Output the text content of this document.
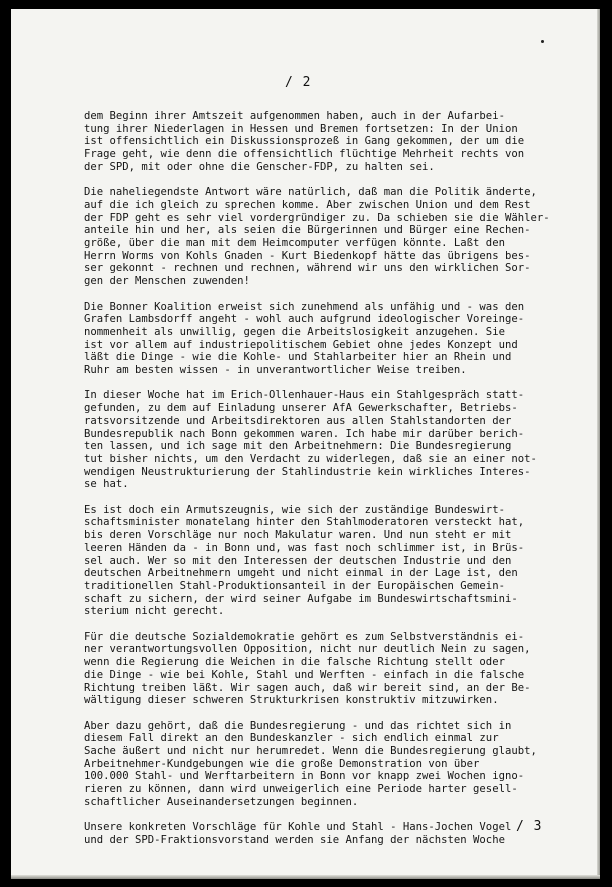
/ 2
dem Beginn ihrer Amtszeit aufgenommen haben, auch in der Aufarbei-
tung ihrer Niederlagen in Hessen und Bremen fortsetzen: In der Union
ist offensichtlich ein Diskussionsprozeß in Gang gekommen, der um die
Frage geht, wie denn die offensichtlich flüchtige Mehrheit rechts von
der SPD, mit oder ohne die Genscher-FDP, zu halten sei.
Die naheliegendste Antwort wäre natürlich, daß man die Politik änderte,
auf die ich gleich zu sprechen komme. Aber zwischen Union und dem Rest
der FDP geht es sehr viel vordergründiger zu. Da schieben sie die Wähler-
anteile hin und her, als seien die Bürgerinnen und Bürger eine Rechen-
größe, über die man mit dem Heimcomputer verfügen könnte. Laßt den
Herrn Worms von Kohls Gnaden - Kurt Biedenkopf hätte das übrigens bes-
ser gekonnt - rechnen und rechnen, während wir uns den wirklichen Sor-
gen der Menschen zuwenden!
Die Bonner Koalition erweist sich zunehmend als unfähig und - was den
Grafen Lambsdorff angeht - wohl auch aufgrund ideologischer Voreinge-
nommenheit als unwillig, gegen die Arbeitslosigkeit anzugehen. Sie
ist vor allem auf industriepolitischem Gebiet ohne jedes Konzept und
läßt die Dinge - wie die Kohle- und Stahlarbeiter hier an Rhein und
Ruhr am besten wissen - in unverantwortlicher Weise treiben.
In dieser Woche hat im Erich-Ollenhauer-Haus ein Stahlgespräch statt-
gefunden, zu dem auf Einladung unserer AfA Gewerkschafter, Betriebs-
ratsvorsitzende und Arbeitsdirektoren aus allen Stahlstandorten der
Bundesrepublik nach Bonn gekommen waren. Ich habe mir darüber berich-
ten lassen, und ich sage mit den Arbeitnehmern: Die Bundesregierung
tut bisher nichts, um den Verdacht zu widerlegen, daß sie an einer not-
wendigen Neustrukturierung der Stahlindustrie kein wirkliches Interes-
se hat.
Es ist doch ein Armutszeugnis, wie sich der zuständige Bundeswirt-
schaftsminister monatelang hinter den Stahlmoderatoren versteckt hat,
bis deren Vorschläge nur noch Makulatur waren. Und nun steht er mit
leeren Händen da - in Bonn und, was fast noch schlimmer ist, in Brüs-
sel auch. Wer so mit den Interessen der deutschen Industrie und den
deutschen Arbeitnehmern umgeht und nicht einmal in der Lage ist, den
traditionellen Stahl-Produktionsanteil in der Europäischen Gemein-
schaft zu sichern, der wird seiner Aufgabe im Bundeswirtschaftsmini-
sterium nicht gerecht.
Für die deutsche Sozialdemokratie gehört es zum Selbstverständnis ei-
ner verantwortungsvollen Opposition, nicht nur deutlich Nein zu sagen,
wenn die Regierung die Weichen in die falsche Richtung stellt oder
die Dinge - wie bei Kohle, Stahl und Werften - einfach in die falsche
Richtung treiben läßt. Wir sagen auch, daß wir bereit sind, an der Be-
wältigung dieser schweren Strukturkrisen konstruktiv mitzuwirken.
Aber dazu gehört, daß die Bundesregierung - und das richtet sich in
diesem Fall direkt an den Bundeskanzler - sich endlich einmal zur
Sache äußert und nicht nur herumredet. Wenn die Bundesregierung glaubt,
Arbeitnehmer-Kundgebungen wie die große Demonstration von über
100.000 Stahl- und Werftarbeitern in Bonn vor knapp zwei Wochen igno-
rieren zu können, dann wird unweigerlich eine Periode harter gesell-
schaftlicher Auseinandersetzungen beginnen.
Unsere konkreten Vorschläge für Kohle und Stahl - Hans-Jochen Vogel
und der SPD-Fraktionsvorstand werden sie Anfang der nächsten Woche
/ 3
